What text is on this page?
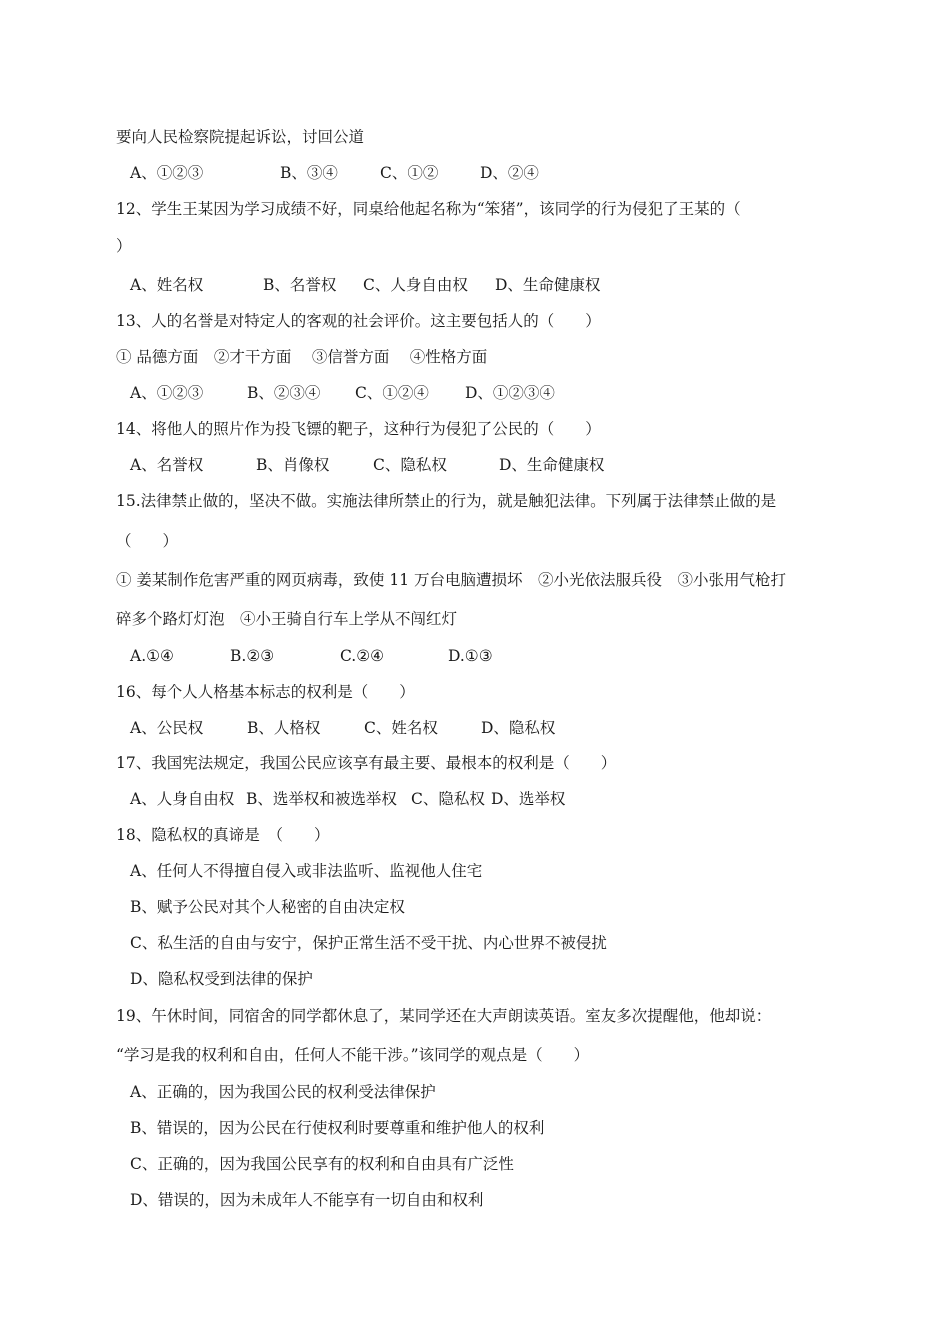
要向人民检察院提起诉讼，讨回公道
A、①②③	B、③④	C、①②	D、②④
12、学生王某因为学习成绩不好，同桌给他起名称为“笨猪”，该同学的行为侵犯了王某的（
）
A、姓名权	B、名誉权 C、人身自由权 D、生命健康权
13、人的名誉是对特定人的客观的社会评价。这主要包括人的（　　）
① 品德方面　②才干方面　 ③信誉方面　 ④性格方面
A、①②③	B、②③④ C、①②④ D、①②③④
14、将他人的照片作为投飞镖的靶子，这种行为侵犯了公民的（　　）
A、名誉权	B、肖像权	C、隐私权	D、生命健康权
15.法律禁止做的，坚决不做。实施法律所禁止的行为，就是触犯法律。下列属于法律禁止做的是
（　　）
① 姜某制作危害严重的网页病毒，致使 11 万台电脑遭损坏　②小光依法服兵役　③小张用气枪打
碎多个路灯灯泡　④小王骑自行车上学从不闯红灯
A.①④	B.②③	C.②④	D.①③
16、每个人人格基本标志的权利是（　　）
A、公民权	B、人格权	C、姓名权	D、隐私权
17、我国宪法规定，我国公民应该享有最主要、最根本的权利是（　　）
A、人身自由权 B、选举权和被选举权 C、隐私权 D、选举权
18、隐私权的真谛是　（　　）
A、任何人不得擅自侵入或非法监听、监视他人住宅
B、赋予公民对其个人秘密的自由决定权
C、私生活的自由与安宁，保护正常生活不受干扰、内心世界不被侵扰
D、隐私权受到法律的保护
19、午休时间，同宿舍的同学都休息了，某同学还在大声朗读英语。室友多次提醒他，他却说：
“学习是我的权利和自由，任何人不能干涉。”该同学的观点是（　　）
A、正确的，因为我国公民的权利受法律保护
B、错误的，因为公民在行使权利时要尊重和维护他人的权利
C、正确的，因为我国公民享有的权利和自由具有广泛性
D、错误的，因为未成年人不能享有一切自由和权利
